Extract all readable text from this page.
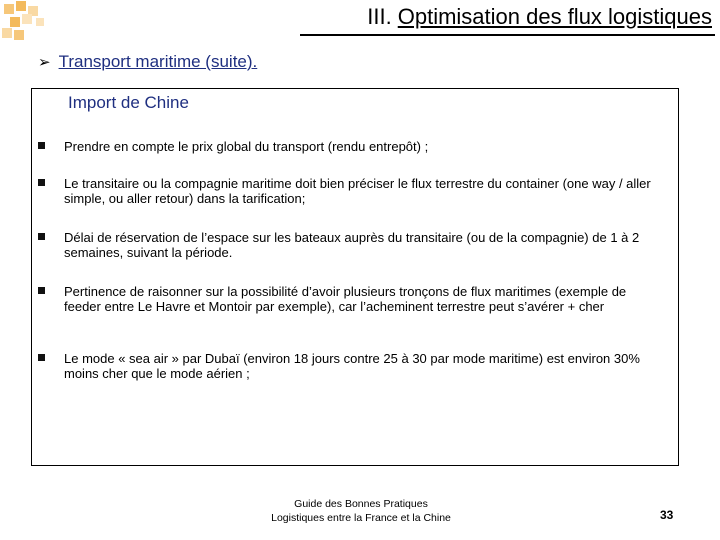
III. Optimisation des flux logistiques
➢ Transport maritime (suite).
Import de Chine
Prendre en compte le prix global du transport (rendu entrepôt) ;
Le transitaire ou la compagnie maritime doit bien préciser le flux terrestre du container (one way / aller simple, ou aller retour) dans la tarification;
Délai de réservation de l’espace sur les bateaux auprès du transitaire (ou de la compagnie) de 1 à 2 semaines, suivant la période.
Pertinence de raisonner sur la possibilité d’avoir plusieurs tronçons de flux maritimes (exemple de feeder entre Le Havre et Montoir par exemple), car l’acheminent terrestre peut s’avérer + cher
Le mode « sea air » par Dubaï (environ 18 jours contre 25 à 30 par mode maritime) est environ 30% moins cher que le mode aérien ;
Guide des Bonnes Pratiques
Logistiques entre la France et la Chine	33
